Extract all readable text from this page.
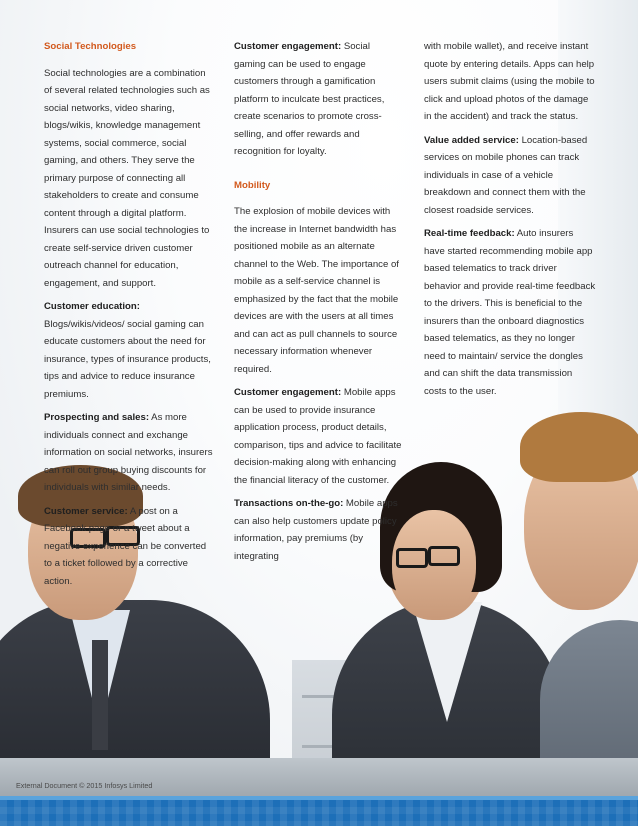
Social Technologies

Social technologies are a combination of several related technologies such as social networks, video sharing, blogs/wikis, knowledge management systems, social commerce, social gaming, and others. They serve the primary purpose of connecting all stakeholders to create and consume content through a digital platform. Insurers can use social technologies to create self-service driven customer outreach channel for education, engagement, and support.

Customer education: Blogs/wikis/videos/ social gaming can educate customers about the need for insurance, types of insurance products, tips and advice to reduce insurance premiums.

Prospecting and sales: As more individuals connect and exchange information on social networks, insurers can roll out group buying discounts for individuals with similar needs.

Customer service: A post on a Facebook page or a tweet about a negative experience can be converted to a ticket followed by a corrective action.

Customer engagement: Social gaming can be used to engage customers through a gamification platform to inculcate best practices, create scenarios to promote cross-selling, and offer rewards and recognition for loyalty.

Mobility

The explosion of mobile devices with the increase in Internet bandwidth has positioned mobile as an alternate channel to the Web. The importance of mobile as a self-service channel is emphasized by the fact that the mobile devices are with the users at all times and can act as pull channels to source necessary information whenever required.

Customer engagement: Mobile apps can be used to provide insurance application process, product details, comparison, tips and advice to facilitate decision-making along with enhancing the financial literacy of the customer.

Transactions on-the-go: Mobile apps can also help customers update policy information, pay premiums (by integrating

with mobile wallet), and receive instant quote by entering details. Apps can help users submit claims (using the mobile to click and upload photos of the damage in the accident) and track the status.

Value added service: Location-based services on mobile phones can track individuals in case of a vehicle breakdown and connect them with the closest roadside services.

Real-time feedback: Auto insurers have started recommending mobile app based telematics to track driver behavior and provide real-time feedback to the drivers. This is beneficial to the insurers than the onboard diagnostics based telematics, as they no longer need to maintain/ service the dongles and can shift the data transmission costs to the user.

External Document © 2015 Infosys Limited
